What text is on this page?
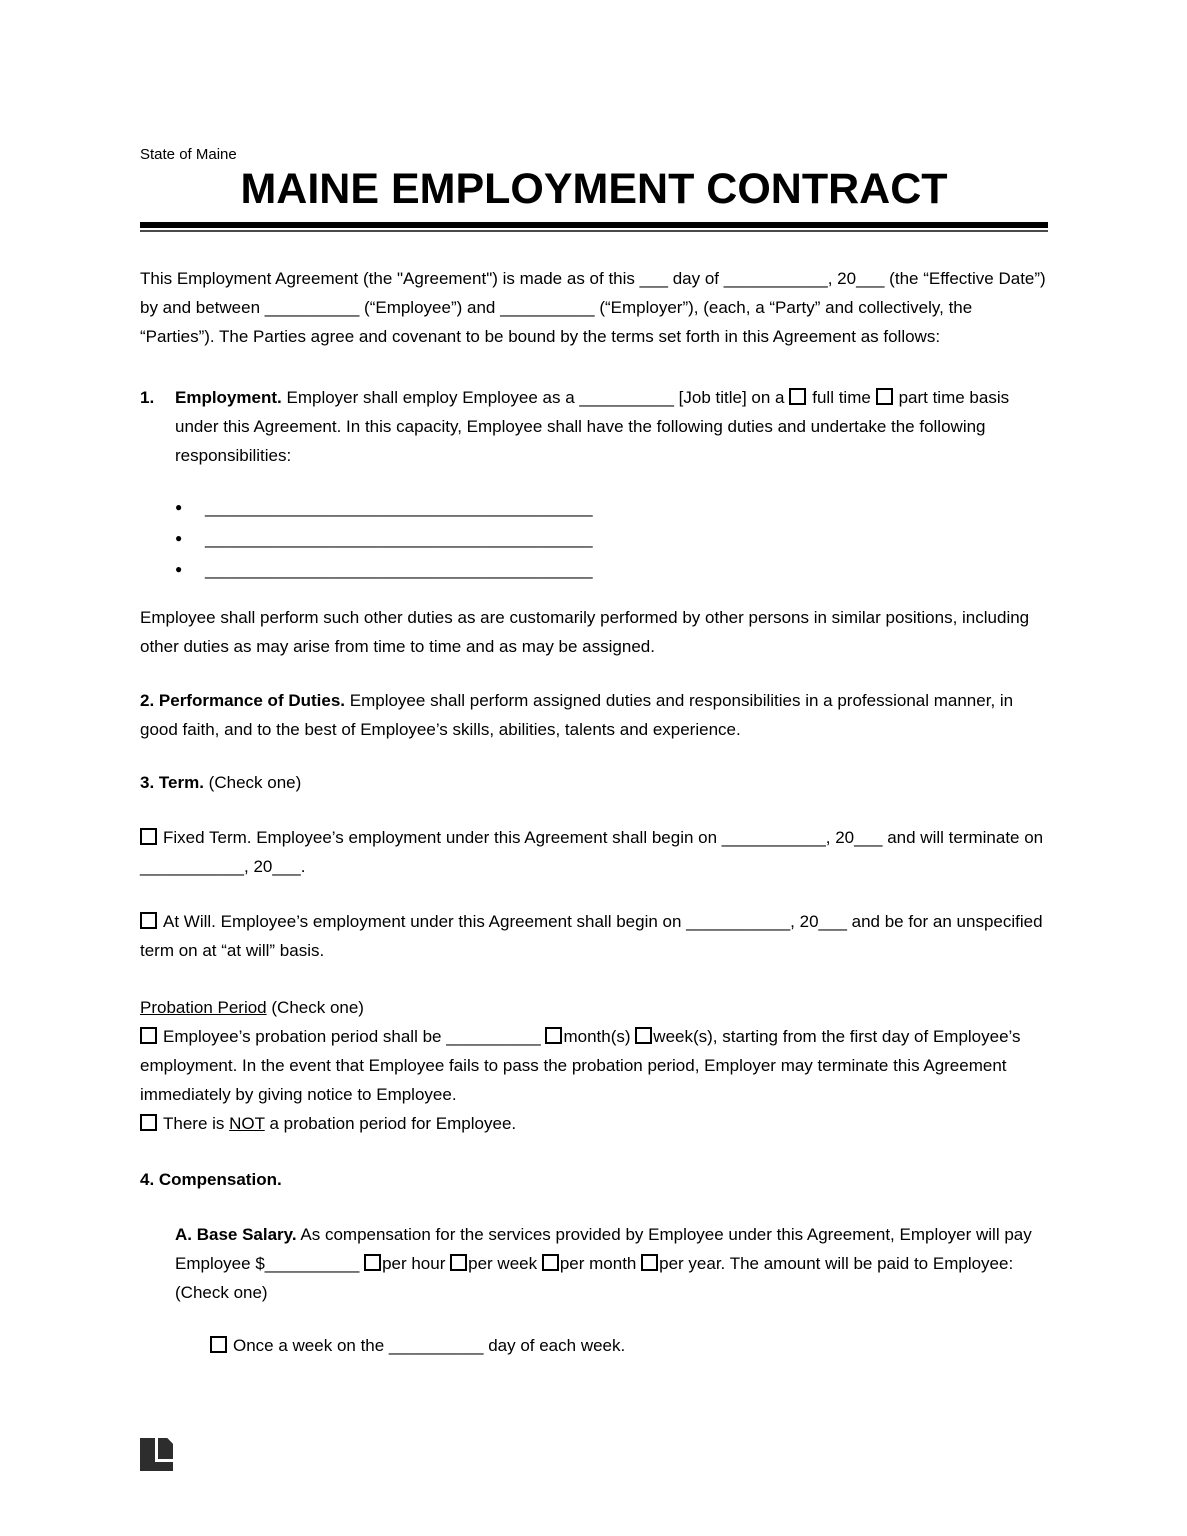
State of Maine
MAINE EMPLOYMENT CONTRACT

This Employment Agreement (the "Agreement") is made as of this ___ day of ___________, 20___ (the “Effective Date”) by and between __________ (“Employee”) and __________ (“Employer”), (each, a “Party” and collectively, the “Parties”). The Parties agree and covenant to be bound by the terms set forth in this Agreement as follows:

1.	Employment. Employer shall employ Employee as a __________ [Job title] on a full time part time basis under this Agreement. In this capacity, Employee shall have the following duties and undertake the following responsibilities:
● _________________________________________
● _________________________________________
● _________________________________________

Employee shall perform such other duties as are customarily performed by other persons in similar positions, including other duties as may arise from time to time and as may be assigned.

2. Performance of Duties. Employee shall perform assigned duties and responsibilities in a professional manner, in good faith, and to the best of Employee’s skills, abilities, talents and experience.

3. Term. (Check one)

Fixed Term. Employee’s employment under this Agreement shall begin on ___________, 20___ and will terminate on ___________, 20___.

At Will. Employee’s employment under this Agreement shall begin on ___________, 20___ and be for an unspecified term on at “at will” basis.

Probation Period (Check one)

Employee’s probation period shall be __________ month(s) week(s), starting from the first day of Employee’s employment. In the event that Employee fails to pass the probation period, Employer may terminate this Agreement immediately by giving notice to Employee.

There is NOT a probation period for Employee.

4. Compensation.

A. Base Salary. As compensation for the services provided by Employee under this Agreement, Employer will pay Employee $__________ per hour per week per month per year. The amount will be paid to Employee: (Check one)

Once a week on the __________ day of each week.
